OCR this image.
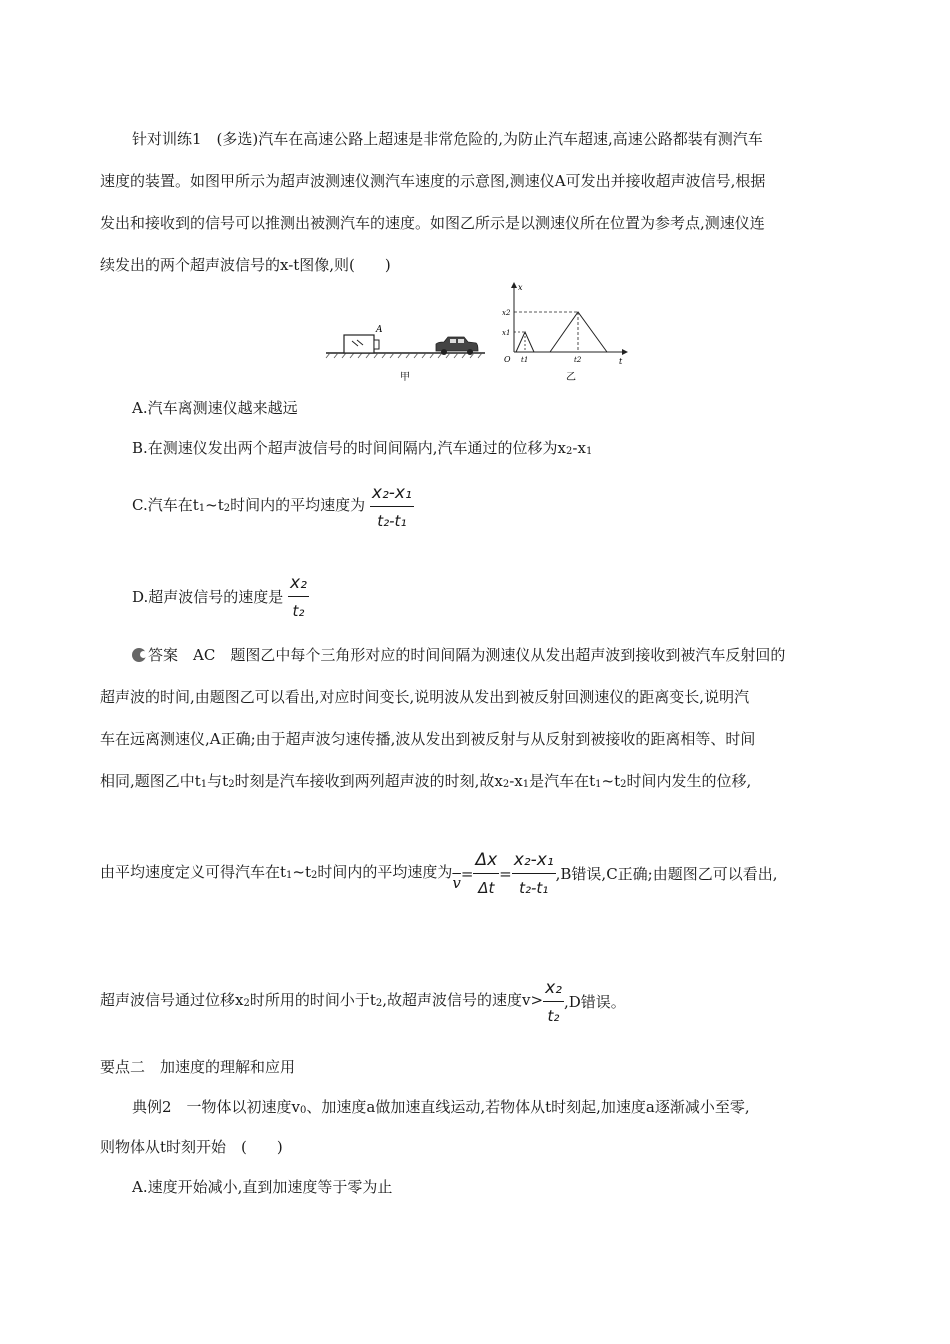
针对训练1　(多选)汽车在高速公路上超速是非常危险的,为防止汽车超速,高速公路都装有测汽车
速度的装置。如图甲所示为超声波测速仪测汽车速度的示意图,测速仪A可发出并接收超声波信号,根据
发出和接收到的信号可以推测出被测汽车的速度。如图乙所示是以测速仪所在位置为参考点,测速仪连
续发出的两个超声波信号的x-t图像,则(　　)
A
甲
x
t
O
x1
x2
t1	t2
乙
A.汽车离测速仪越来越远
B.在测速仪发出两个超声波信号的时间间隔内,汽车通过的位移为x2-x1
C.汽车在t1~t2时间内的平均速度为 $\frac{\text{x₂-x₁}}{\text{t₂-t₁}}$
D.超声波信号的速度是 $\frac{\text{x₂}}{\text{t₂}}$
答案　 AC　 题图乙中每个三角形对应的时间间隔为测速仪从发出超声波到接收到被汽车反射回的
超声波的时间,由题图乙可以看出,对应时间变长,说明波从发出到被反射回测速仪的距离变长,说明汽
车在远离测速仪,A正确;由于超声波匀速传播,波从发出到被反射与从反射到被接收的距离相等、时间
相同,题图乙中t1与t2时刻是汽车接收到两列超声波的时刻,故x2-x1是汽车在t1~t2时间内发生的位移,
由平均速度定义可得汽车在t1~t2时间内的平均速度为$\overline{v}= \frac{\Delta x}{\Delta t} = \frac{\text{x₂-x₁}}{\text{t₂-t₁}} ,B$错误,C正确;由题图乙可以看出,
超声波信号通过位移x2时所用的时间小于t2,故超声波信号的速度$v> \frac{\text{x₂}}{\text{t₂}} ,D$错误。
要点二　加速度的理解和应用
典例2　一物体以初速度v0、加速度a做加速直线运动,若物体从t时刻起,加速度a逐渐减小至零,
则物体从t时刻开始　(　　)
A.速度开始减小,直到加速度等于零为止
